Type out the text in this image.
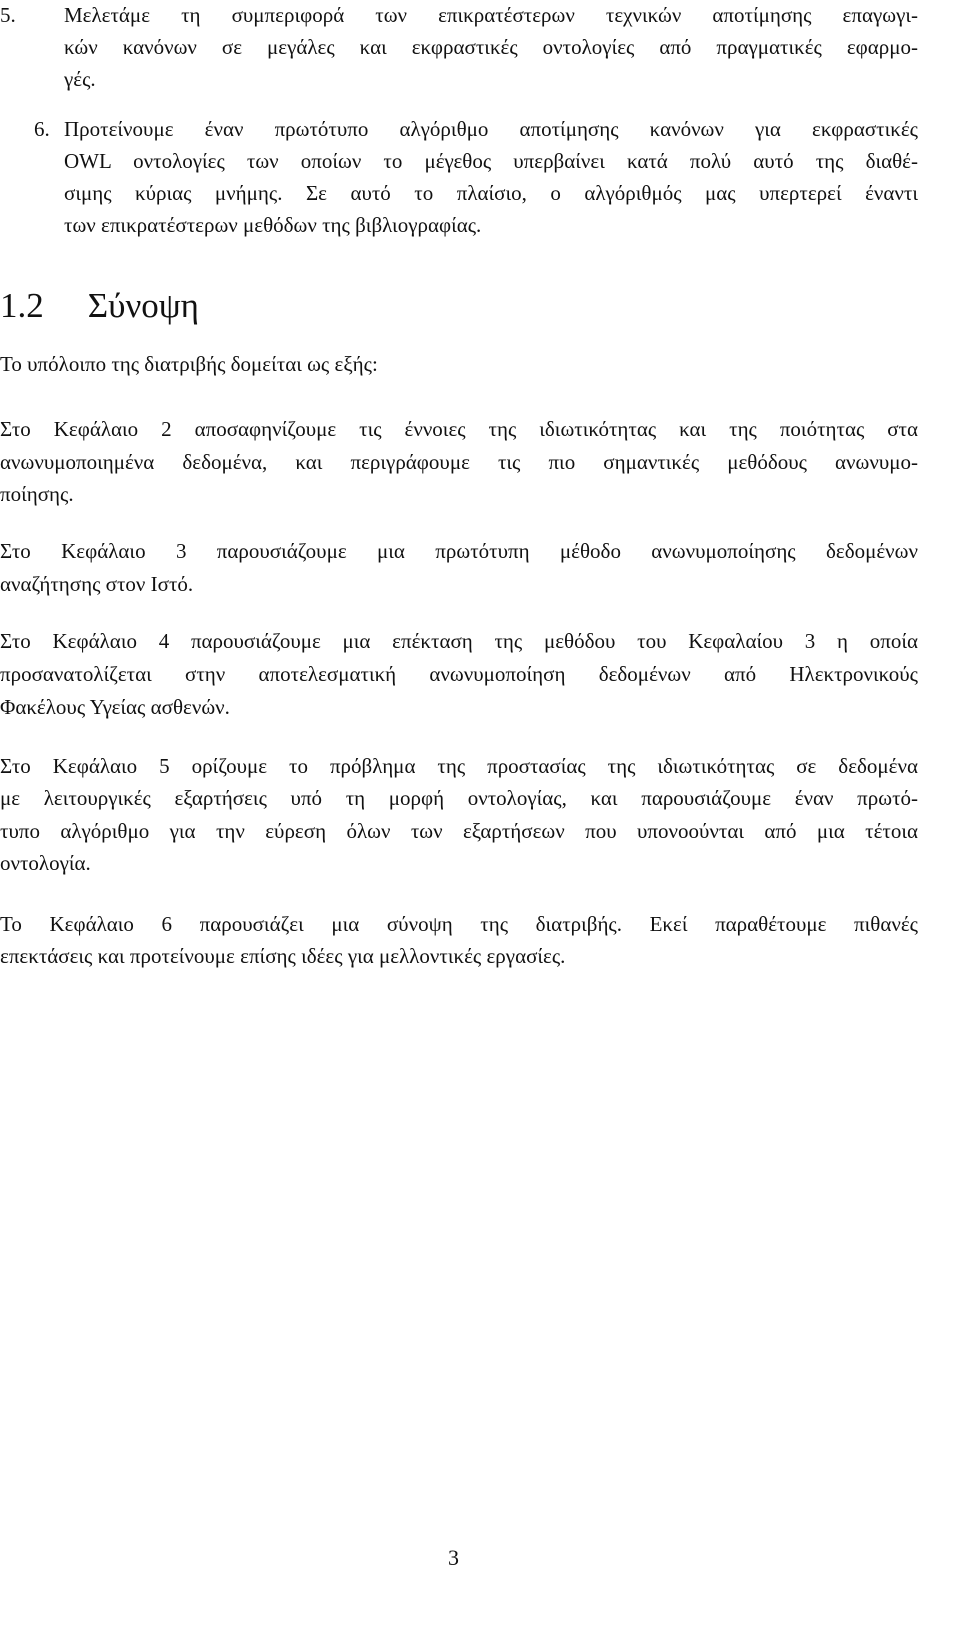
5. Μελετάμε τη συμπεριφορά των επικρατέστερων τεχνικών αποτίμησης επαγωγι-
κών κανόνων σε μεγάλες και εκφραστικές οντολογίες από πραγματικές εφαρμο-
γές.
6. Προτείνουμε έναν πρωτότυπο αλγόριθμο αποτίμησης κανόνων για εκφραστικές
OWL οντολογίες των οποίων το μέγεθος υπερβαίνει κατά πολύ αυτό της διαθέ-
σιμης κύριας μνήμης. Σε αυτό το πλαίσιο, ο αλγόριθμός μας υπερτερεί έναντι
των επικρατέστερων μεθόδων της βιβλιογραφίας.
1.2 Σύνοψη
Το υπόλοιπο της διατριβής δομείται ως εξής:
Στο Κεφάλαιο 2 αποσαφηνίζουμε τις έννοιες της ιδιωτικότητας και της ποιότητας στα
ανωνυμοποιημένα δεδομένα, και περιγράφουμε τις πιο σημαντικές μεθόδους ανωνυμο-
ποίησης.
Στο Κεφάλαιο 3 παρουσιάζουμε μια πρωτότυπη μέθοδο ανωνυμοποίησης δεδομένων
αναζήτησης στον Ιστό.
Στο Κεφάλαιο 4 παρουσιάζουμε μια επέκταση της μεθόδου του Κεφαλαίου 3 η οποία
προσανατολίζεται στην αποτελεσματική ανωνυμοποίηση δεδομένων από Ηλεκτρονικούς
Φακέλους Υγείας ασθενών.
Στο Κεφάλαιο 5 ορίζουμε το πρόβλημα της προστασίας της ιδιωτικότητας σε δεδομένα
με λειτουργικές εξαρτήσεις υπό τη μορφή οντολογίας, και παρουσιάζουμε έναν πρωτό-
τυπο αλγόριθμο για την εύρεση όλων των εξαρτήσεων που υπονοούνται από μια τέτοια
οντολογία.
Το Κεφάλαιο 6 παρουσιάζει μια σύνοψη της διατριβής. Εκεί παραθέτουμε πιθανές
επεκτάσεις και προτείνουμε επίσης ιδέες για μελλοντικές εργασίες.
3
